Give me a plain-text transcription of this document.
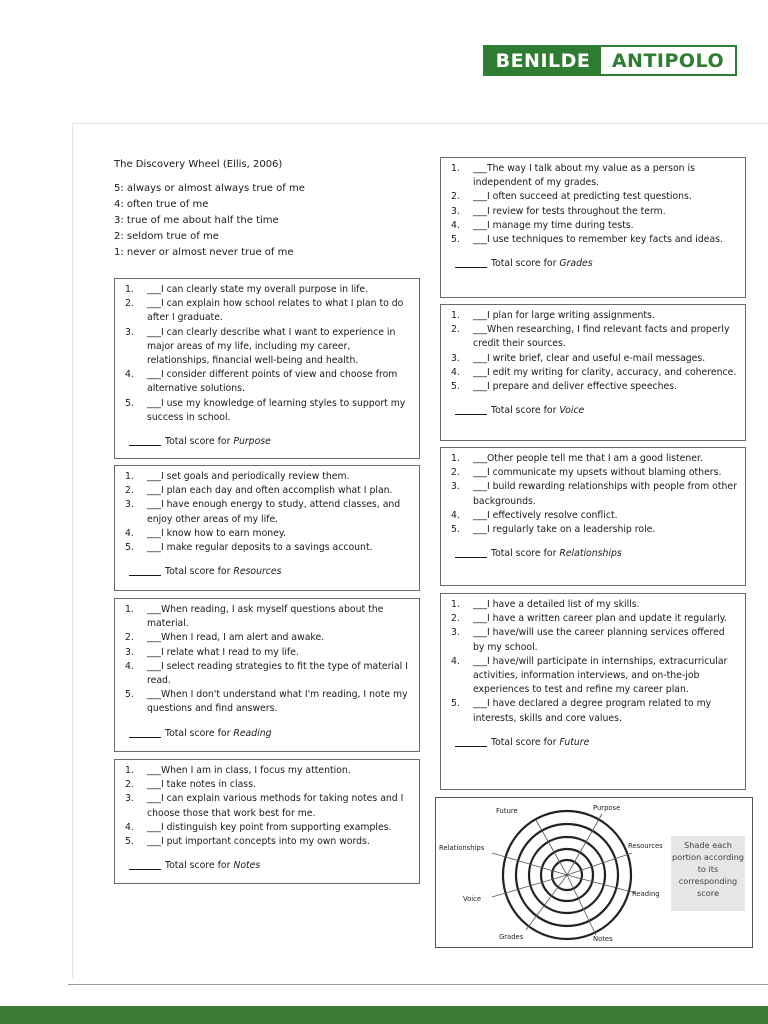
BENILDE	ANTIPOLO
The Discovery Wheel (Ellis, 2006)
5: always or almost always true of me
4: often true of me
3: true of me about half the time
2: seldom true of me
1: never or almost never true of me
1.	___I can clearly state my overall purpose in life.
2.	___I can explain how school relates to what I plan to do after I graduate.
3.	___I can clearly describe what I want to experience in major areas of my life, including my career, relationships, financial well-being and health.
4.	___I consider different points of view and choose from alternative solutions.
5.	___I use my knowledge of learning styles to support my success in school.
Total score for
Purpose
1.	___I set goals and periodically review them.
2.	___I plan each day and often accomplish what I plan.
3.	___I have enough energy to study, attend classes, and enjoy other areas of my life.
4.	___I know how to earn money.
5.	___I make regular deposits to a savings account.
Total score for
Resources
1.	___When reading, I ask myself questions about the material.
2.	___When I read, I am alert and awake.
3.	___I relate what I read to my life.
4.	___I select reading strategies to fit the type of material I read.
5.	___When I don't understand what I'm reading, I note my questions and find answers.
Total score for
Reading
1.	___When I am in class, I focus my attention.
2.	___I take notes in class.
3.	___I can explain various methods for taking notes and I choose those that work best for me.
4.	___I distinguish key point from supporting examples.
5.	___I put important concepts into my own words.
Total score for
Notes
1.	___The way I talk about my value as a person is independent of my grades.
2.	___I often succeed at predicting test questions.
3.	___I review for tests throughout the term.
4.	___I manage my time during tests.
5.	___I use techniques to remember key facts and ideas.
Total score for
Grades
1.	___I plan for large writing assignments.
2.	___When researching, I find relevant facts and properly credit their sources.
3.	___I write brief, clear and useful e-mail messages.
4.	___I edit my writing for clarity, accuracy, and coherence.
5.	___I prepare and deliver effective speeches.
Total score for
Voice
1.	___Other people tell me that I am a good listener.
2.	___I communicate my upsets without blaming others.
3.	___I build rewarding relationships with people from other backgrounds.
4.	___I effectively resolve conflict.
5.	___I regularly take on a leadership role.
Total score for
Relationships
1.	___I have a detailed list of my skills.
2.	___I have a written career plan and update it regularly.
3.	___I have/will use the career planning services offered by my school.
4.	___I have/will participate in internships, extracurricular activities, information interviews, and on-the-job experiences to test and refine my career plan.
5.	___I have declared a degree program related to my interests, skills and core values.
Total score for
Future
Future	Purpose
Relationships	Resources
Voice
Reading
Grades	Notes
Shade each portion according to its corresponding score
